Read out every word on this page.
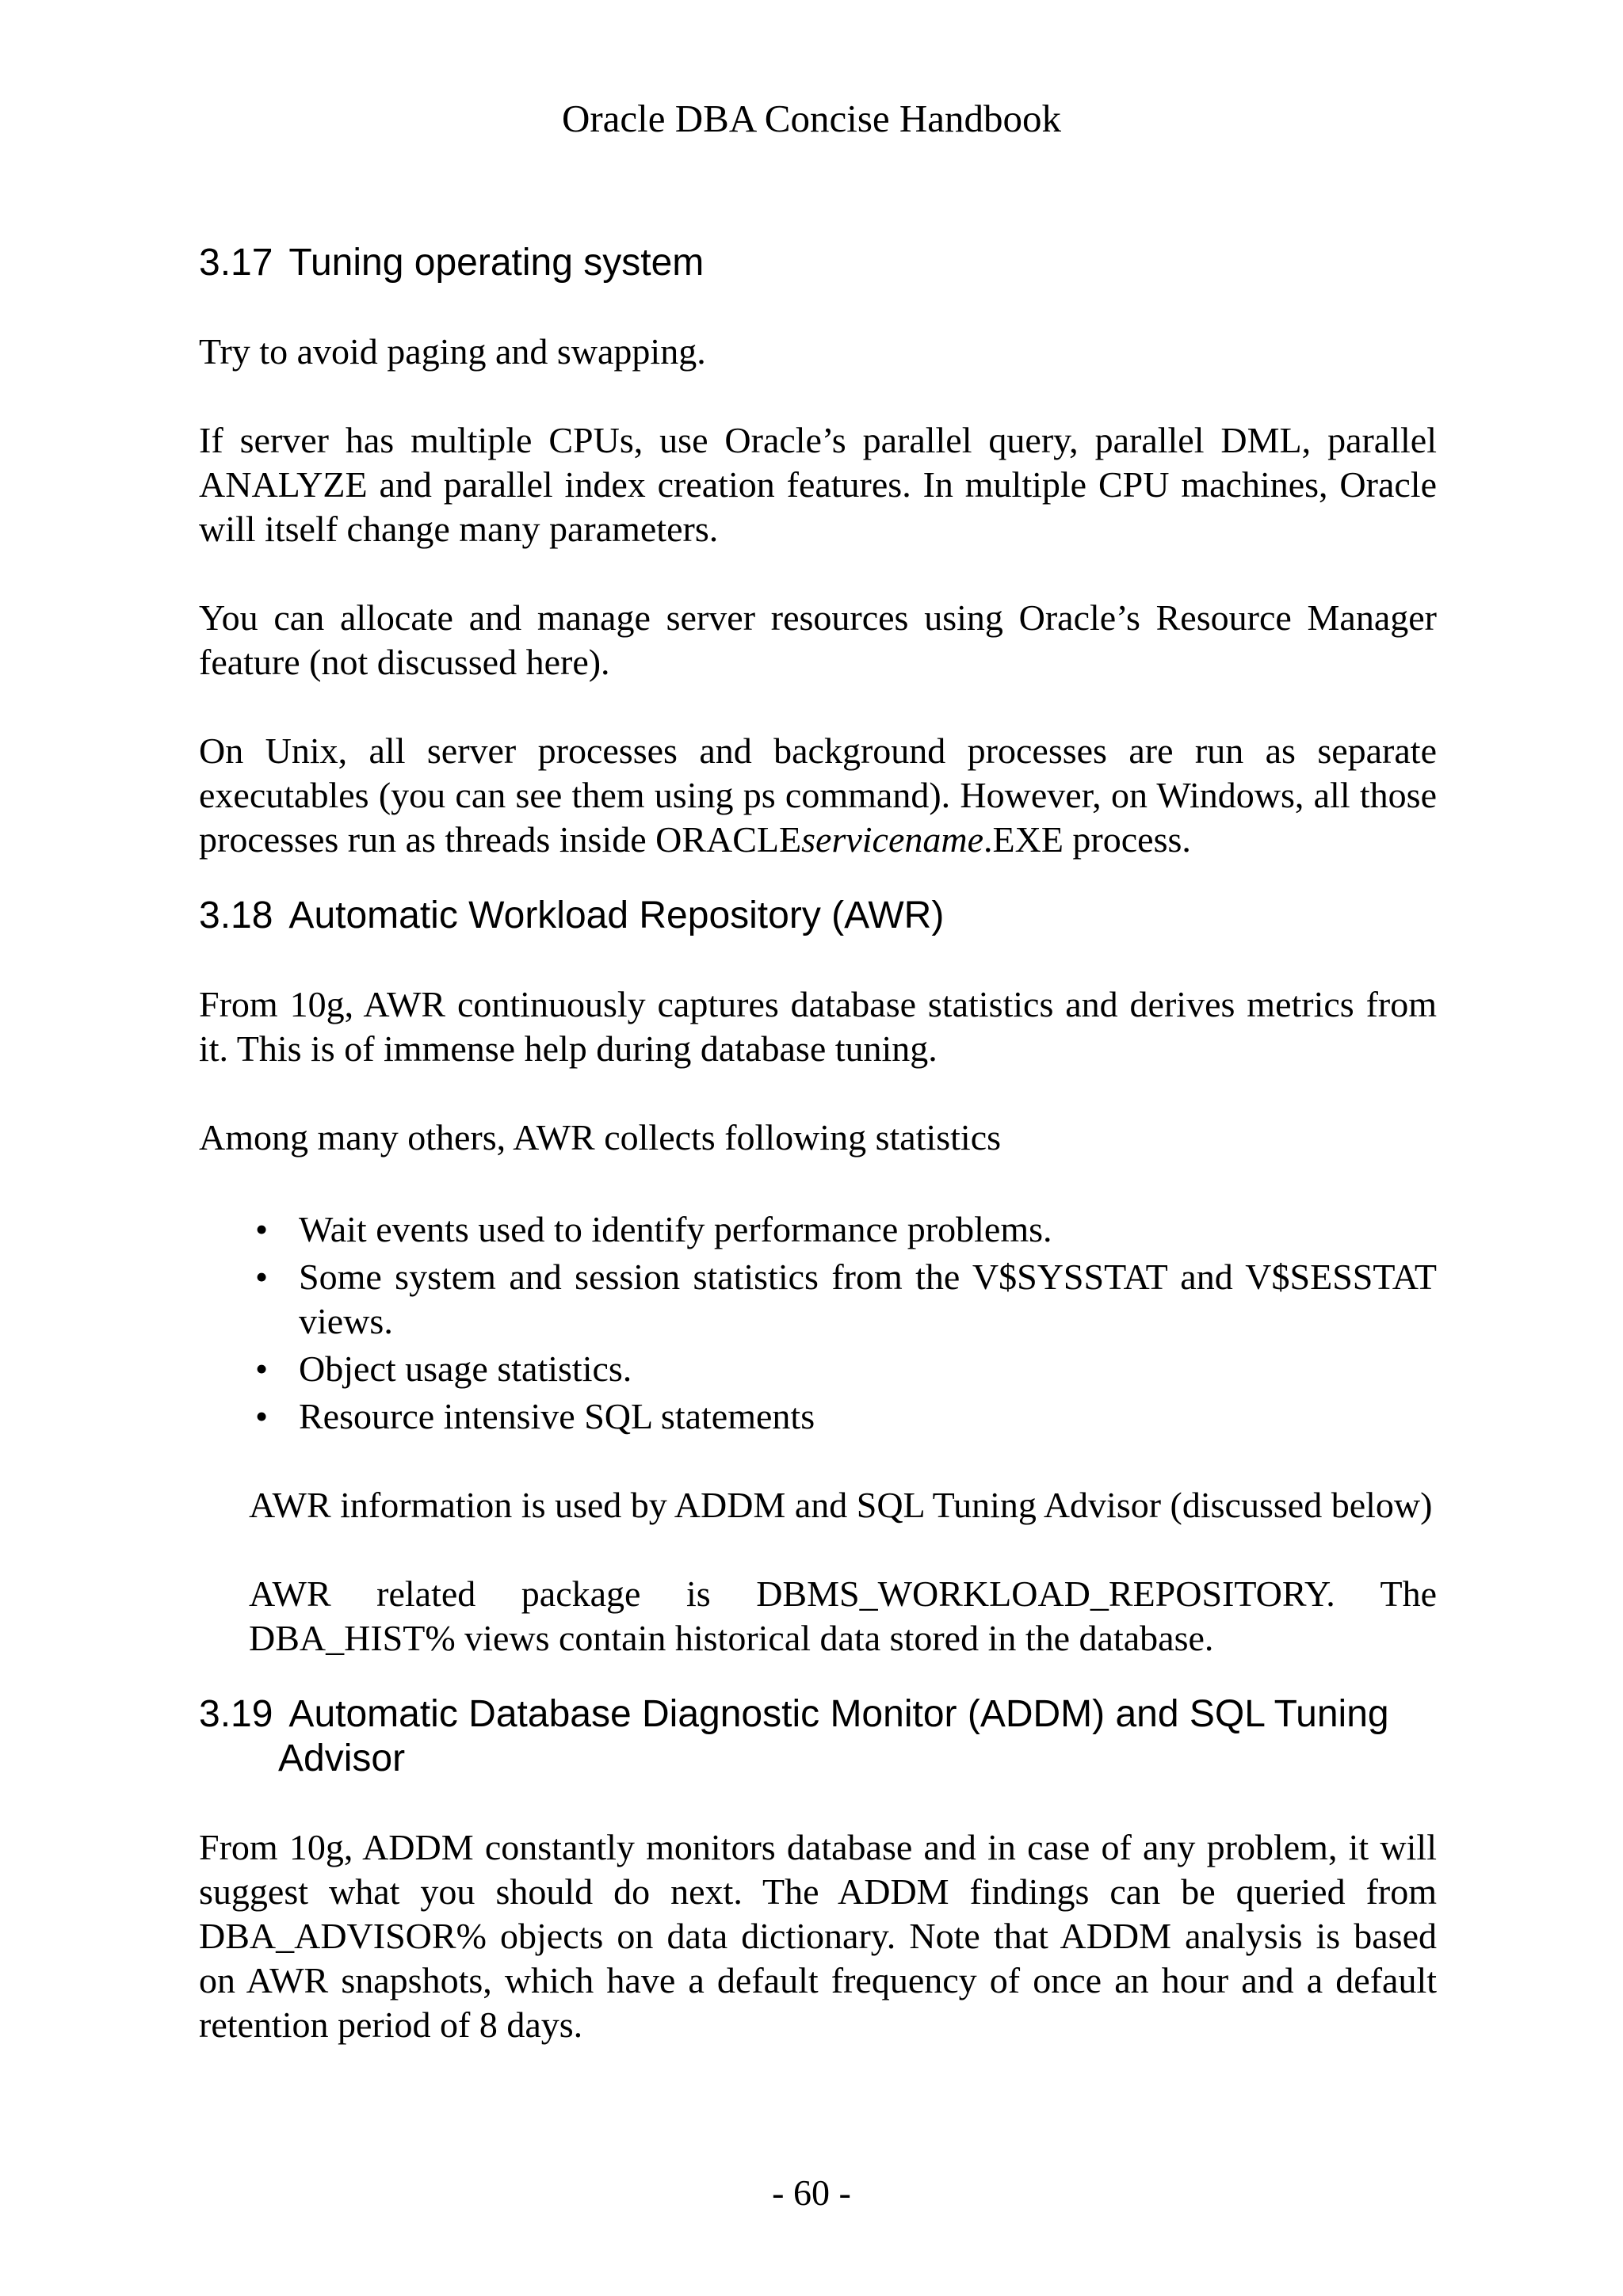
Oracle DBA Concise Handbook
3.17 Tuning operating system

Try to avoid paging and swapping.

If server has multiple CPUs, use Oracle’s parallel query, parallel DML, parallel ANALYZE and parallel index creation features. In multiple CPU machines, Oracle will itself change many parameters.

You can allocate and manage server resources using Oracle’s Resource Manager feature (not discussed here).

On Unix, all server processes and background processes are run as separate executables (you can see them using ps command). However, on Windows, all those processes run as threads inside ORACLEservicename.EXE process.

3.18 Automatic Workload Repository (AWR)

From 10g, AWR continuously captures database statistics and derives metrics from it. This is of immense help during database tuning.

Among many others, AWR collects following statistics

• Wait events used to identify performance problems.
• Some system and session statistics from the V$SYSSTAT and V$SESSTAT views.
• Object usage statistics.
• Resource intensive SQL statements

AWR information is used by ADDM and SQL Tuning Advisor (discussed below)

AWR related package is DBMS_WORKLOAD_REPOSITORY. The DBA_HIST% views contain historical data stored in the database.

3.19 Automatic Database Diagnostic Monitor (ADDM) and SQL Tuning Advisor

From 10g, ADDM constantly monitors database and in case of any problem, it will suggest what you should do next. The ADDM findings can be queried from DBA_ADVISOR% objects on data dictionary. Note that ADDM analysis is based on AWR snapshots, which have a default frequency of once an hour and a default retention period of 8 days.

- 60 -
